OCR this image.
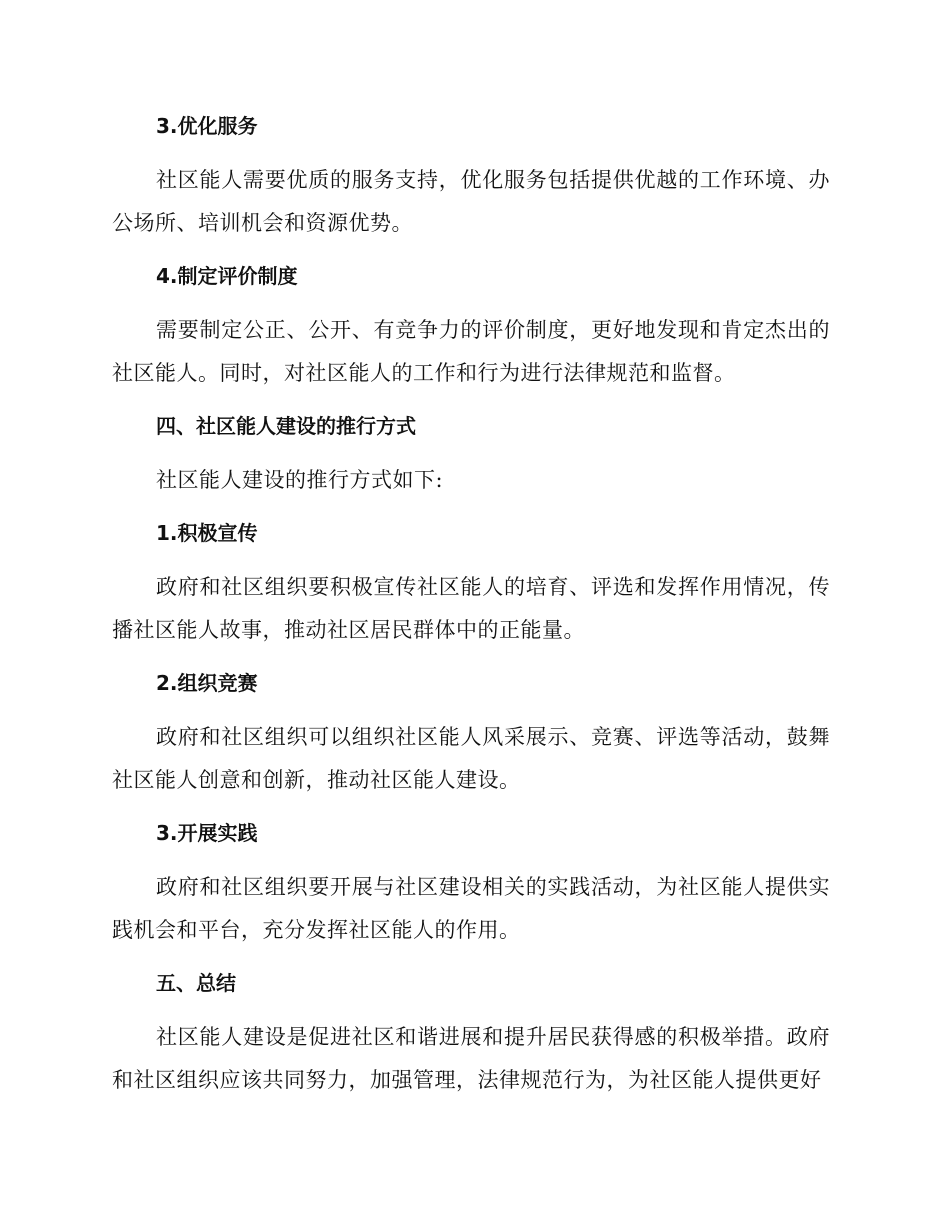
3.优化服务

社区能人需要优质的服务支持，优化服务包括提供优越的工作环境、办公场所、培训机会和资源优势。

4.制定评价制度

需要制定公正、公开、有竞争力的评价制度，更好地发现和肯定杰出的社区能人。同时，对社区能人的工作和行为进行法律规范和监督。

四、社区能人建设的推行方式

社区能人建设的推行方式如下:

1.积极宣传

政府和社区组织要积极宣传社区能人的培育、评选和发挥作用情况，传播社区能人故事，推动社区居民群体中的正能量。

2.组织竞赛

政府和社区组织可以组织社区能人风采展示、竞赛、评选等活动，鼓舞社区能人创意和创新，推动社区能人建设。

3.开展实践

政府和社区组织要开展与社区建设相关的实践活动，为社区能人提供实践机会和平台，充分发挥社区能人的作用。

五、总结

社区能人建设是促进社区和谐进展和提升居民获得感的积极举措。政府和社区组织应该共同努力，加强管理，法律规范行为，为社区能人提供更好
